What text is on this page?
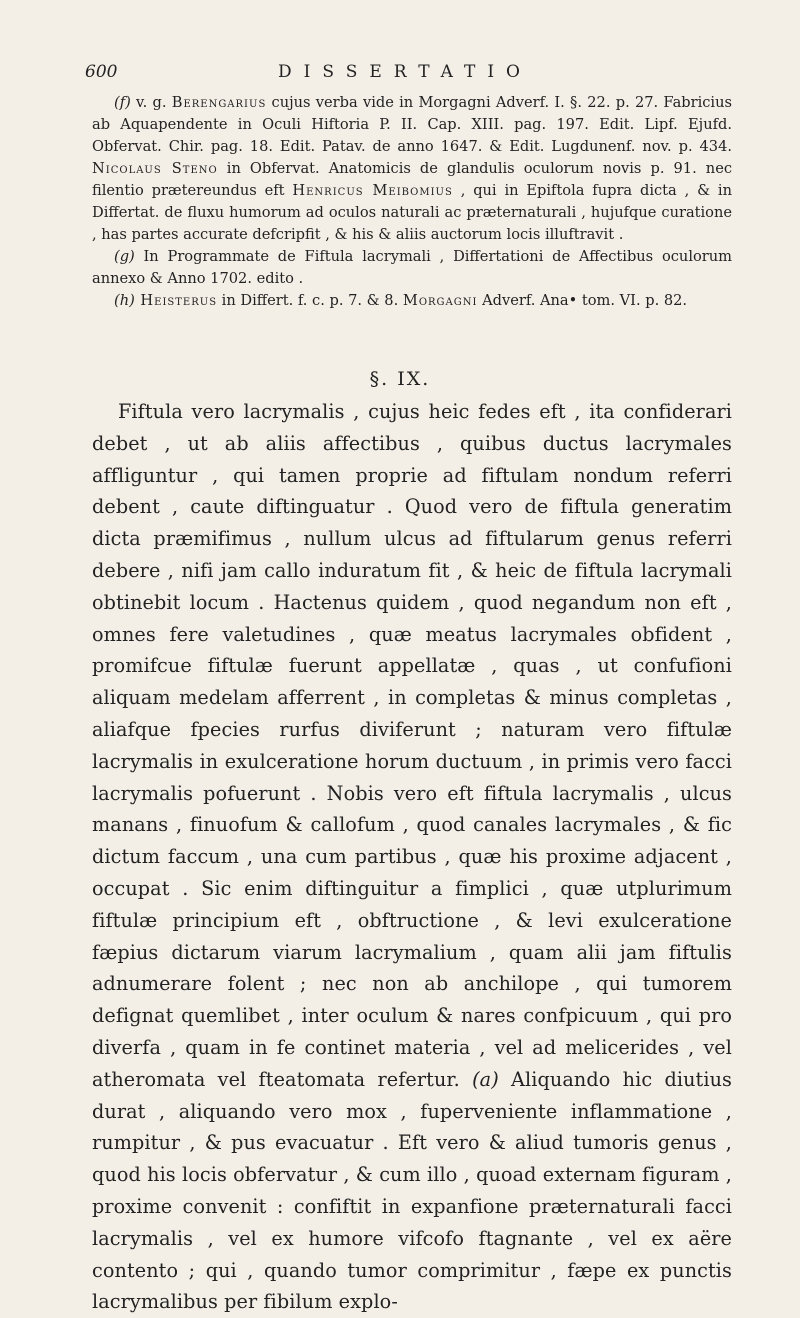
600	DISSERTATIO

(f) v. g. Berengarius cujus verba vide in Morgagni Adverf. I. §. 22. p. 27. Fabricius ab Aquapendente in Oculi Hiftoria P. II. Cap. XIII. pag. 197. Edit. Lipf. Ejufd. Obfervat. Chir. pag. 18. Edit. Patav. de anno 1647. & Edit. Lugdunenf. nov. p. 434. Nicolaus Steno in Obfervat. Anatomicis de glandulis oculorum novis p. 91. nec filentio prætereundus eft Henricus Meibomius , qui in Epiftola fupra dicta , & in Differtat. de fluxu humorum ad oculos naturali ac præternaturali , hujufque curatione , has partes accurate defcripfit , & his & aliis auctorum locis illuftravit .

(g) In Programmate de Fiftula lacrymali , Differtationi de Affectibus oculorum annexo & Anno 1702. edito .

(h) Heisterus in Differt. f. c. p. 7. & 8. Morgagni Adverf. Ana• tom. VI. p. 82.

§. IX.

Fiftula vero lacrymalis , cujus heic fedes eft , ita confiderari debet , ut ab aliis affectibus , quibus ductus lacrymales affliguntur , qui tamen proprie ad fiftulam nondum referri debent , caute diftinguatur . Quod vero de fiftula generatim dicta præmifimus , nullum ulcus ad fiftularum genus referri debere , nifi jam callo induratum fit , & heic de fiftula lacrymali obtinebit locum . Hactenus quidem , quod negandum non eft , omnes fere valetudines , quæ meatus lacrymales obfident , promifcue fiftulæ fuerunt appellatæ , quas , ut confufioni aliquam medelam afferrent , in completas & minus completas , aliafque fpecies rurfus diviferunt ; naturam vero fiftulæ lacrymalis in exulceratione horum ductuum , in primis vero facci lacrymalis pofuerunt . Nobis vero eft fiftula lacrymalis , ulcus manans , finuofum & callofum , quod canales lacrymales , & fic dictum faccum , una cum partibus , quæ his proxime adjacent , occupat . Sic enim diftinguitur a fimplici , quæ utplurimum fiftulæ principium eft , obftructione , & levi exulceratione fæpius dictarum viarum lacrymalium , quam alii jam fiftulis adnumerare folent ; nec non ab anchilope , qui tumorem defignat quemlibet , inter oculum & nares confpicuum , qui pro diverfa , quam in fe continet materia , vel ad melicerides , vel atheromata vel fteatomata refertur. (a) Aliquando hic diutius durat , aliquando vero mox , fuperveniente inflammatione , rumpitur , & pus evacuatur . Eft vero & aliud tumoris genus , quod his locis obfervatur , & cum illo , quoad externam figuram , proxime convenit : confiftit in expanfione præternaturali facci lacrymalis , vel ex humore vifcofo ftagnante , vel ex aëre contento ; qui , quando tumor comprimitur , fæpe ex punctis lacrymalibus per fibilum explo-
